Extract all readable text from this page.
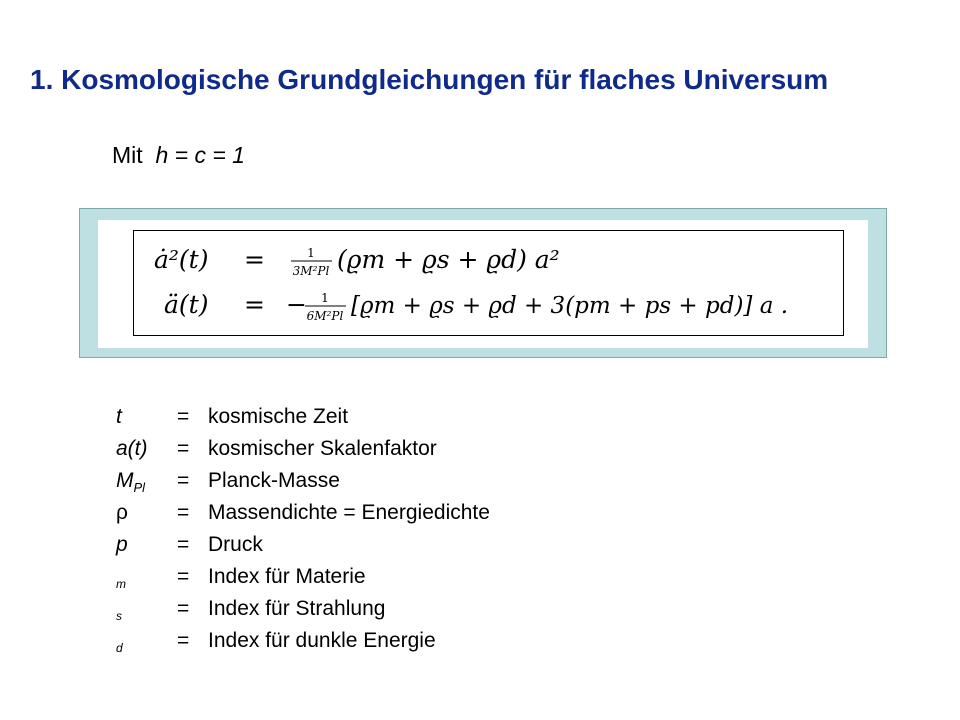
1. Kosmologische Grundgleichungen für flaches Universum
Mit h = c = 1
ȧ²(t) =	1
3M²Pl (ϱm + ϱs + ϱd) a²
ä(t) = − 1
6M²Pl [ϱm + ϱs + ϱd + 3(pm + ps + pd)] a .
t	= kosmische Zeit
a(t)	= kosmischer Skalenfaktor
$M_{Pl}$	= Planck-Masse
ρ	= Massendichte = Energiedichte
p	= Druck
m	= Index für Materie
s	= Index für Strahlung
d	= Index für dunkle Energie
